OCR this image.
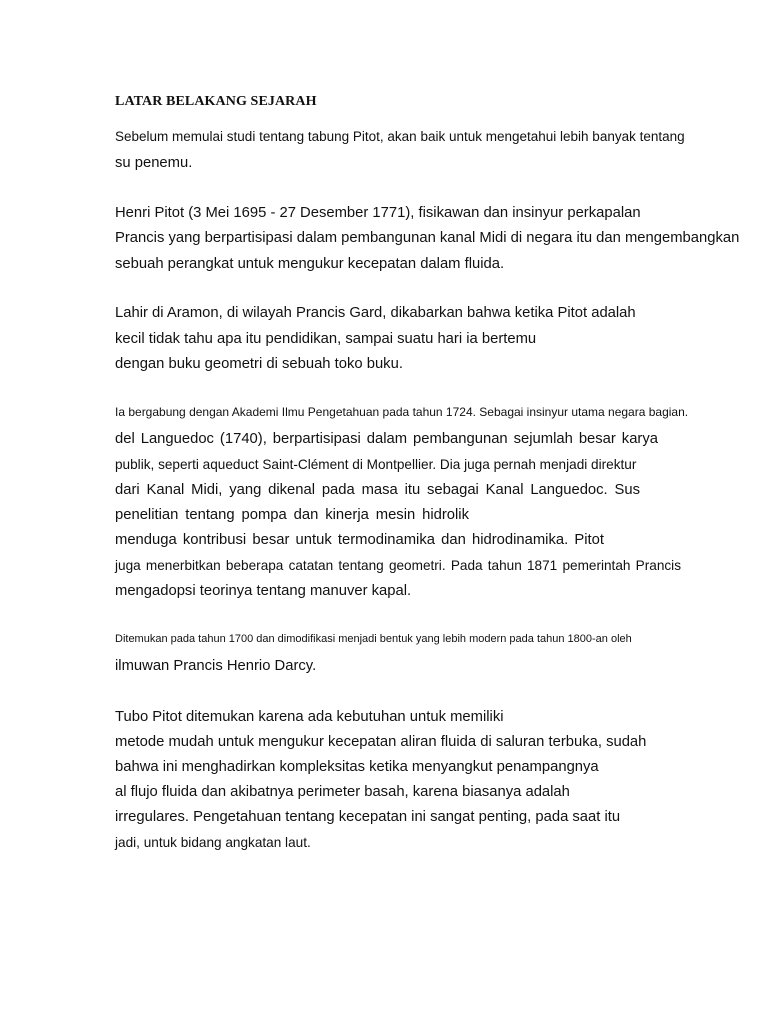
LATAR BELAKANG SEJARAH
Sebelum memulai studi tentang tabung Pitot, akan baik untuk mengetahui lebih banyak tentang
su penemu.
Henri Pitot (3 Mei 1695 - 27 Desember 1771), fisikawan dan insinyur perkapalan
Prancis yang berpartisipasi dalam pembangunan kanal Midi di negara itu dan mengembangkan
sebuah perangkat untuk mengukur kecepatan dalam fluida.
Lahir di Aramon, di wilayah Prancis Gard, dikabarkan bahwa ketika Pitot adalah
kecil tidak tahu apa itu pendidikan, sampai suatu hari ia bertemu
dengan buku geometri di sebuah toko buku.
Ia bergabung dengan Akademi Ilmu Pengetahuan pada tahun 1724. Sebagai insinyur utama negara bagian.
del Languedoc (1740), berpartisipasi dalam pembangunan sejumlah besar karya
publik, seperti aqueduct Saint-Clément di Montpellier. Dia juga pernah menjadi direktur
dari Kanal Midi, yang dikenal pada masa itu sebagai Kanal Languedoc. Sus
penelitian tentang pompa dan kinerja mesin hidrolik
menduga kontribusi besar untuk termodinamika dan hidrodinamika. Pitot
juga menerbitkan beberapa catatan tentang geometri. Pada tahun 1871 pemerintah Prancis
mengadopsi teorinya tentang manuver kapal.
Ditemukan pada tahun 1700 dan dimodifikasi menjadi bentuk yang lebih modern pada tahun 1800-an oleh
ilmuwan Prancis Henrio Darcy.
Tubo Pitot ditemukan karena ada kebutuhan untuk memiliki
metode mudah untuk mengukur kecepatan aliran fluida di saluran terbuka, sudah
bahwa ini menghadirkan kompleksitas ketika menyangkut penampangnya
al flujo fluida dan akibatnya perimeter basah, karena biasanya adalah
irregulares. Pengetahuan tentang kecepatan ini sangat penting, pada saat itu
jadi, untuk bidang angkatan laut.
